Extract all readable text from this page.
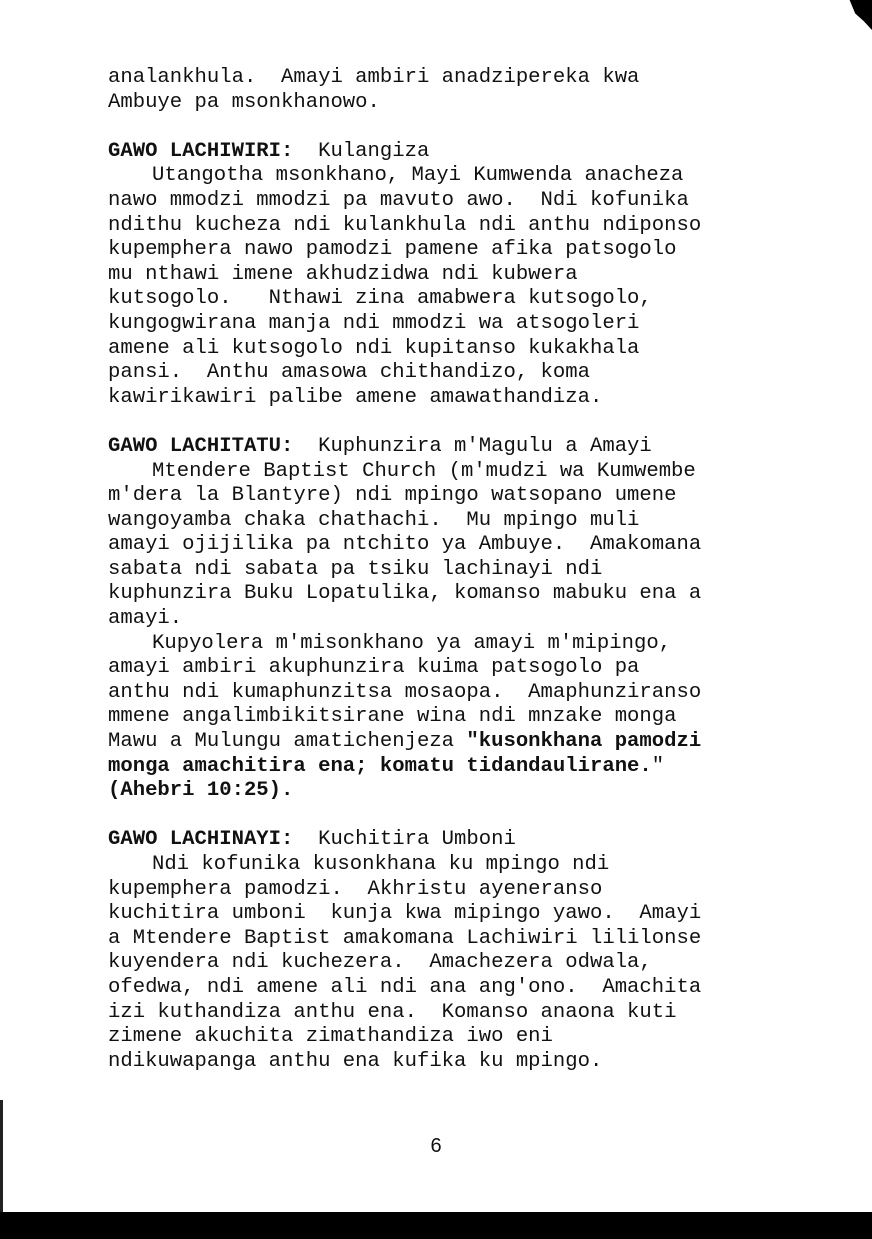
analankhula.  Amayi ambiri anadzipereka kwa
Ambuye pa msonkhanowo.
GAWO LACHIWIRI:  Kulangiza
Utangotha msonkhano, Mayi Kumwenda anacheza
nawo mmodzi mmodzi pa mavuto awo.  Ndi kofunika
ndithu kucheza ndi kulankhula ndi anthu ndiponso
kupemphera nawo pamodzi pamene afika patsogolo
mu nthawi imene akhudzidwa ndi kubwera
kutsogolo.   Nthawi zina amabwera kutsogolo,
kungogwirana manja ndi mmodzi wa atsogoleri
amene ali kutsogolo ndi kupitanso kukakhala
pansi.  Anthu amasowa chithandizo, koma
kawirikawiri palibe amene amawathandiza.
GAWO LACHITATU:  Kuphunzira m'Magulu a Amayi
Mtendere Baptist Church (m'mudzi wa Kumwembe
m'dera la Blantyre) ndi mpingo watsopano umene
wangoyamba chaka chathachi.  Mu mpingo muli
amayi ojijilika pa ntchito ya Ambuye.  Amakomana
sabata ndi sabata pa tsiku lachinayi ndi
kuphunzira Buku Lopatulika, komanso mabuku ena a
amayi.
Kupyolera m'misonkhano ya amayi m'mipingo,
amayi ambiri akuphunzira kuima patsogolo pa
anthu ndi kumaphunzitsa mosaopa.  Amaphunziranso
mmene angalimbikitsirane wina ndi mnzake monga
Mawu a Mulungu amatichenjeza "kusonkhana pamodzi
monga amachitira ena; komatu tidandaulirane."
(Ahebri 10:25).
GAWO LACHINAYI:  Kuchitira Umboni
Ndi kofunika kusonkhana ku mpingo ndi
kupemphera pamodzi.  Akhristu ayeneranso
kuchitira umboni  kunja kwa mipingo yawo.  Amayi
a Mtendere Baptist amakomana Lachiwiri lililonse
kuyendera ndi kuchezera.  Amachezera odwala,
ofedwa, ndi amene ali ndi ana ang'ono.  Amachita
izi kuthandiza anthu ena.  Komanso anaona kuti
zimene akuchita zimathandiza iwo eni
ndikuwapanga anthu ena kufika ku mpingo.
6
